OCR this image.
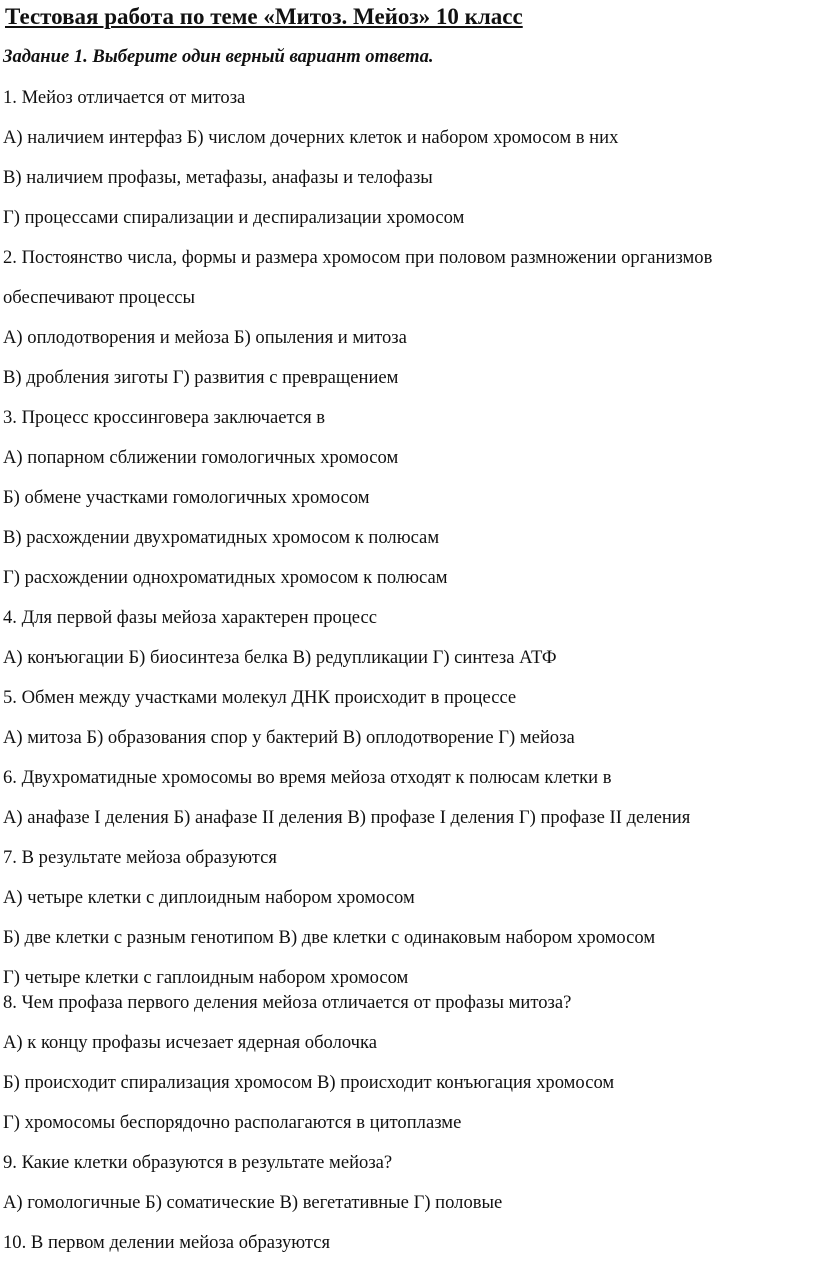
Тестовая работа по теме «Митоз. Мейоз» 10 класс
Задание 1. Выберите один верный вариант ответа.
1. Мейоз отличается от митоза
А) наличием интерфаз Б) числом дочерних клеток и набором хромосом в них
В) наличием профазы, метафазы, анафазы и телофазы
Г) процессами спирализации и деспирализации хромосом
2. Постоянство числа, формы и размера хромосом при половом размножении организмов
обеспечивают процессы
А) оплодотворения и мейоза Б) опыления и митоза
В) дробления зиготы Г) развития с превращением
3. Процесс кроссинговера заключается в
А) попарном сближении гомологичных хромосом
Б) обмене участками гомологичных хромосом
В) расхождении двухроматидных хромосом к полюсам
Г) расхождении однохроматидных хромосом к полюсам
4. Для первой фазы мейоза характерен процесс
А) конъюгации Б) биосинтеза белка В) редупликации Г) синтеза АТФ
5. Обмен между участками молекул ДНК происходит в процессе
А) митоза Б) образования спор у бактерий В) оплодотворение Г) мейоза
6. Двухроматидные хромосомы во время мейоза отходят к полюсам клетки в
А) анафазе I деления Б) анафазе II деления В) профазе I деления Г) профазе II деления
7. В результате мейоза образуются
А) четыре клетки с диплоидным набором хромосом
Б) две клетки с разным генотипом В) две клетки с одинаковым набором хромосом
Г) четыре клетки с гаплоидным набором хромосом
8. Чем профаза первого деления мейоза отличается от профазы митоза?
А) к концу профазы исчезает ядерная оболочка
Б) происходит спирализация хромосом В) происходит конъюгация хромосом
Г) хромосомы беспорядочно располагаются в цитоплазме
9. Какие клетки образуются в результате мейоза?
А) гомологичные Б) соматические В) вегетативные Г) половые
10. В первом делении мейоза образуются
